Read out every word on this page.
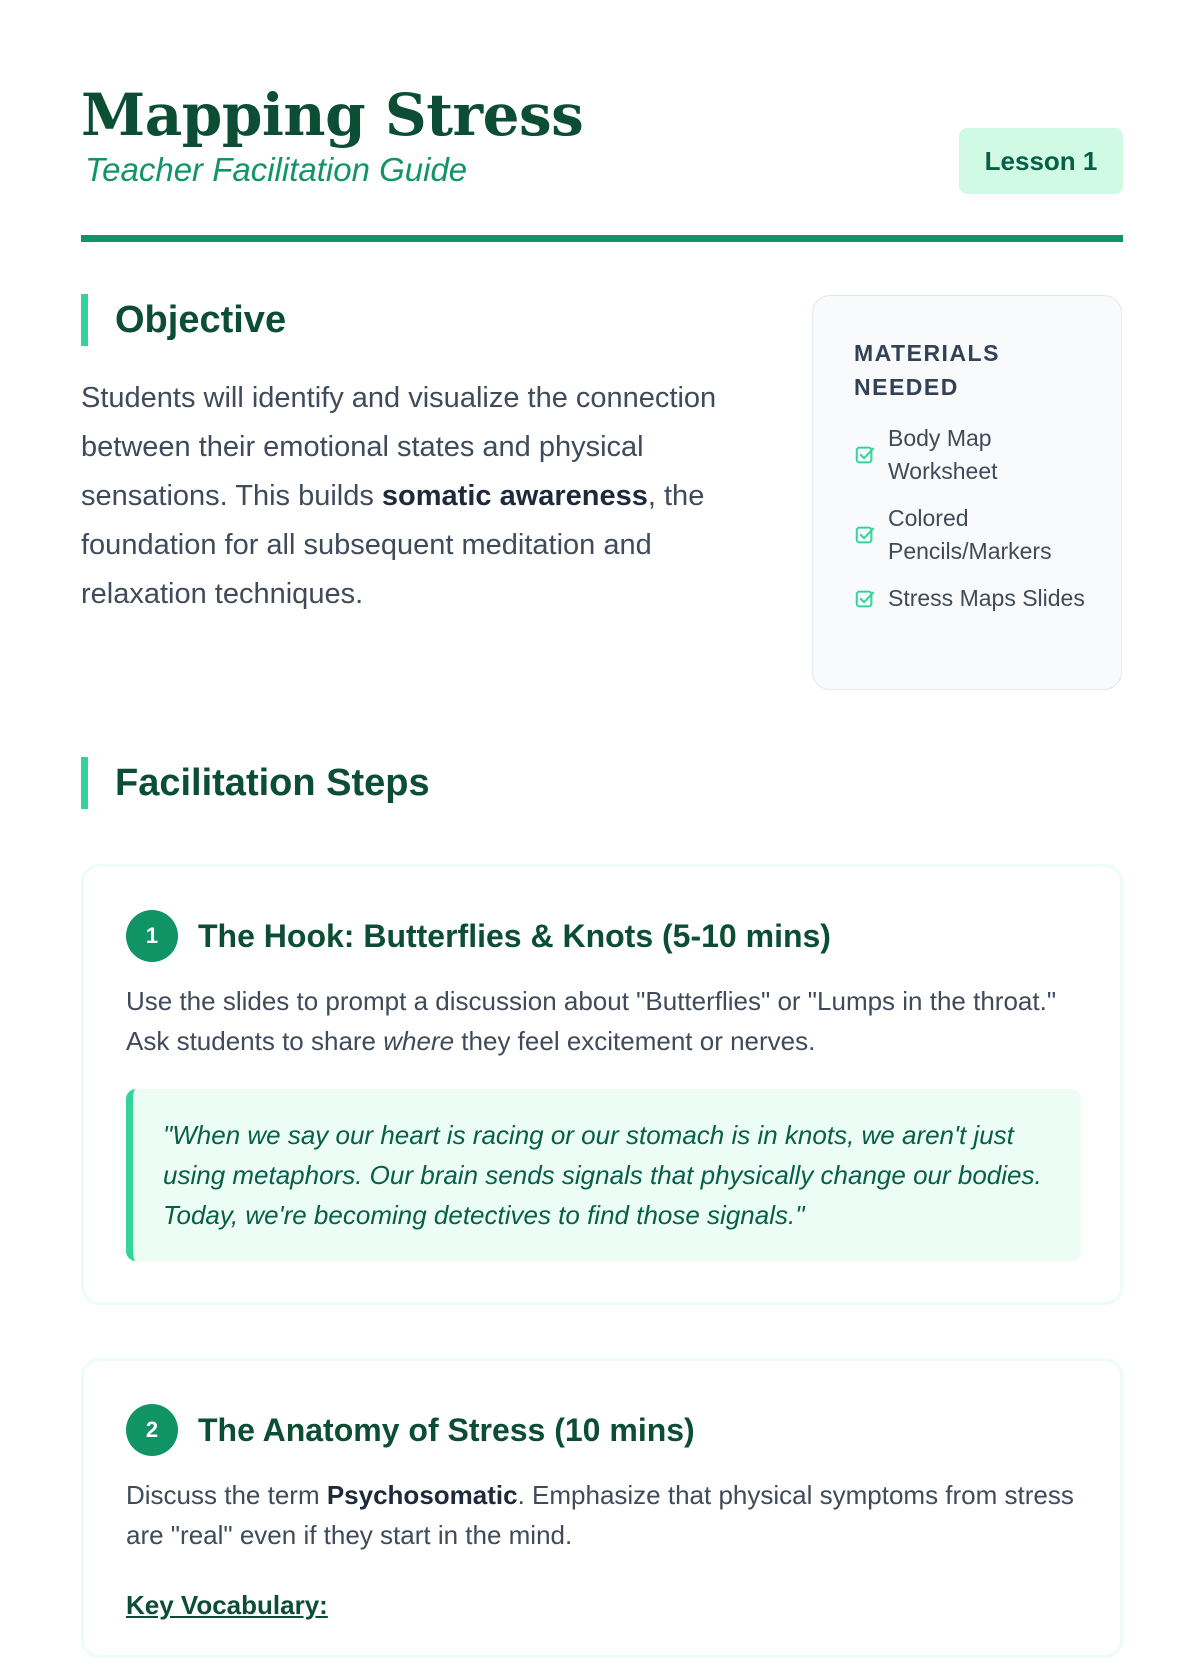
Mapping Stress
Teacher Facilitation Guide	Lesson 1
Objective
Students will identify and visualize the connection between their emotional states and physical sensations. This builds somatic awareness, the foundation for all subsequent meditation and relaxation techniques.
MATERIALS NEEDED
Body Map Worksheet
Colored Pencils/Markers
Stress Maps Slides
Facilitation Steps
1	The Hook: Butterflies & Knots (5-10 mins)
Use the slides to prompt a discussion about "Butterflies" or "Lumps in the throat." Ask students to share where they feel excitement or nerves.
"When we say our heart is racing or our stomach is in knots, we aren't just using metaphors. Our brain sends signals that physically change our bodies. Today, we're becoming detectives to find those signals."
2	The Anatomy of Stress (10 mins)
Discuss the term Psychosomatic. Emphasize that physical symptoms from stress are "real" even if they start in the mind.
Key Vocabulary:
